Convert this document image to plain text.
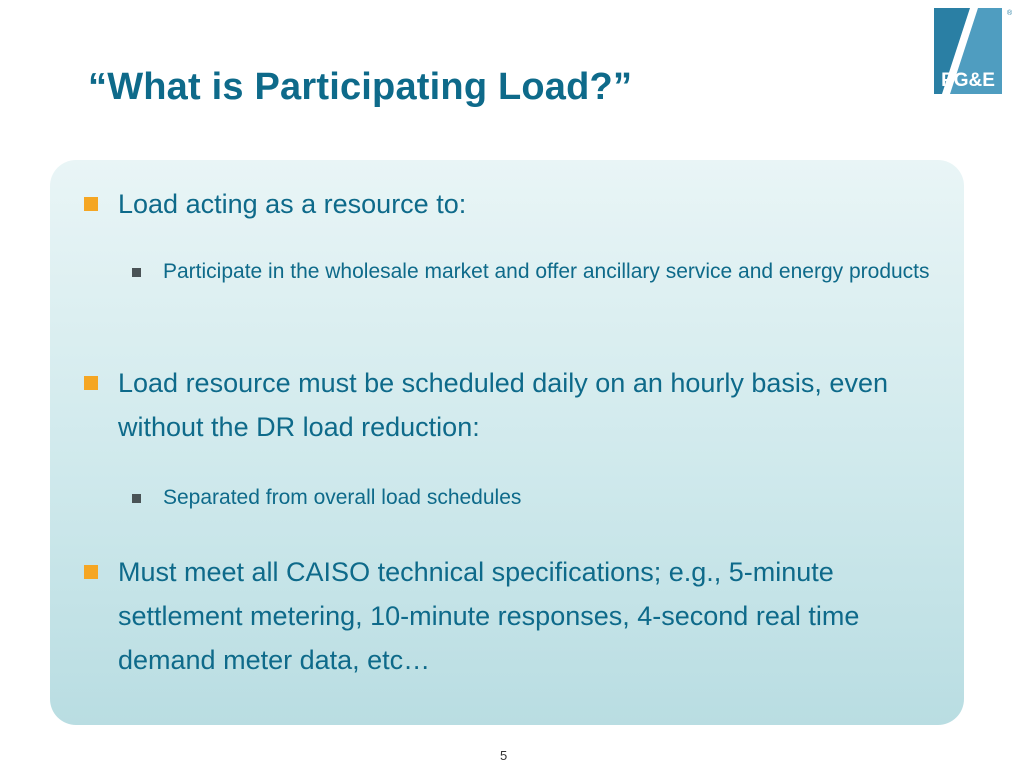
“What is Participating Load?”	PG&E
®
Load acting as a resource to:
Participate in the wholesale market and offer ancillary service and energy products
Load resource must be scheduled daily on an hourly basis, even without the DR load reduction:
Separated from overall load schedules
Must meet all CAISO technical specifications; e.g., 5-minute settlement metering, 10-minute responses, 4-second real time demand meter data, etc…
5
